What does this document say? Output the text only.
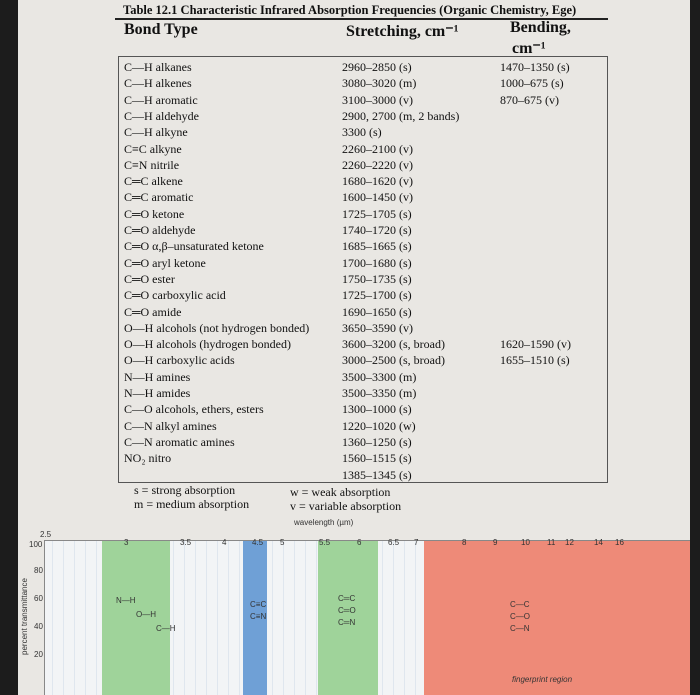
Table 12.1 Characteristic Infrared Absorption Frequencies (Organic Chemistry, Ege)
Bond Type	Stretching, cm⁻¹	Bending,
cm⁻¹
C—H alkanes	2960–2850 (s)	1470–1350 (s)
C—H alkenes	3080–3020 (m)	1000–675 (s)
C—H aromatic	3100–3000 (v)	870–675 (v)
C—H aldehyde	2900, 2700 (m, 2 bands)
C—H alkyne	3300 (s)
C≡C alkyne	2260–2100 (v)
C≡N nitrile	2260–2220 (v)
C═C alkene	1680–1620 (v)
C═C aromatic	1600–1450 (v)
C═O ketone	1725–1705 (s)
C═O aldehyde	1740–1720 (s)
C═O α,β–unsaturated ketone	1685–1665 (s)
C═O aryl ketone	1700–1680 (s)
C═O ester	1750–1735 (s)
C═O carboxylic acid	1725–1700 (s)
C═O amide	1690–1650 (s)
O—H alcohols (not hydrogen bonded)	3650–3590 (v)
O—H alcohols (hydrogen bonded)	3600–3200 (s, broad)	1620–1590 (v)
O—H carboxylic acids	3000–2500 (s, broad)	1655–1510 (s)
N—H amines	3500–3300 (m)
N—H amides	3500–3350 (m)
C—O alcohols, ethers, esters	1300–1000 (s)
C—N alkyl amines	1220–1020 (w)
C—N aromatic amines	1360–1250 (s)
NO₂ nitro	1560–1515 (s)
1385–1345 (s)
s = strong absorption
m = medium absorption
w = weak absorption
v = variable absorption
wavelength (µm)
2.5
3	3.5	4	4.5 5	5.5	6	6.5 7	8	9	10 11 12	14 16
100
80
60
40
20
percent transmittance	N—H
O—H
C—H
C≡C
C≡N
C═C
C═O
C═N
C—C
C—O
C—N
fingerprint region
